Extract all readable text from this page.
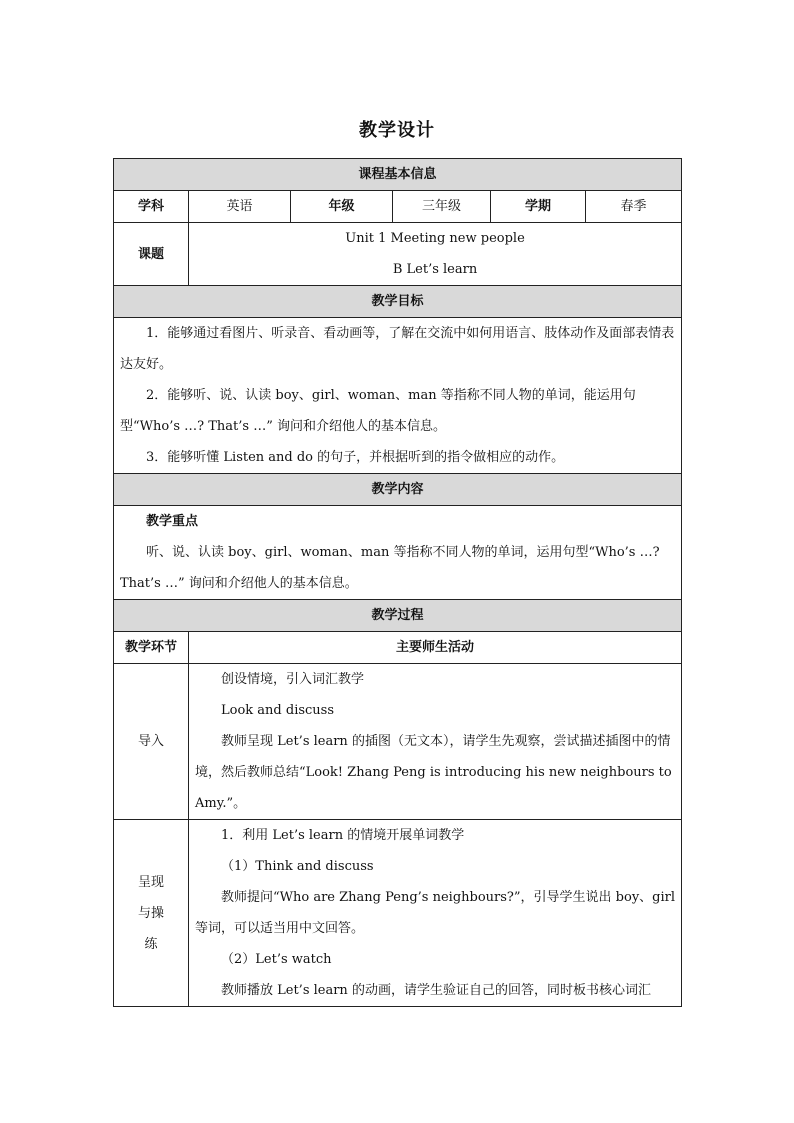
教学设计
课程基本信息					
学科	英语	年级	三年级	学期	春季
课题	Unit 1 Meeting new people

B Let’s learn				

教学目标					

1．能够通过看图片、听录音、看动画等，了解在交流中如何用语言、肢体动作及面部表情表达友好。

2．能够听、说、认读 boy、girl、woman、man 等指称不同人物的单词，能运用句型“Who’s …? That’s …” 询问和介绍他人的基本信息。

3．能够听懂 Listen and do 的句子，并根据听到的指令做相应的动作。					

教学内容					

教学重点

听、说、认读 boy、girl、woman、man 等指称不同人物的单词，运用句型“Who’s …? That’s …” 询问和介绍他人的基本信息。					

教学过程					
教学环节	主要师生活动				
导入	创设情境，引入词汇教学

Look and discuss

教师呈现 Let’s learn 的插图（无文本），请学生先观察，尝试描述插图中的情境，然后教师总结“Look! Zhang Peng is introducing his new neighbours to Amy.”。				

呈现与操练	1．利用 Let’s learn 的情境开展单词教学

（1）Think and discuss

教师提问“Who are Zhang Peng’s neighbours?”，引导学生说出 boy、girl 等词，可以适当用中文回答。

（2）Let’s watch

教师播放 Let’s learn 的动画，请学生验证自己的回答，同时板书核心词汇				
